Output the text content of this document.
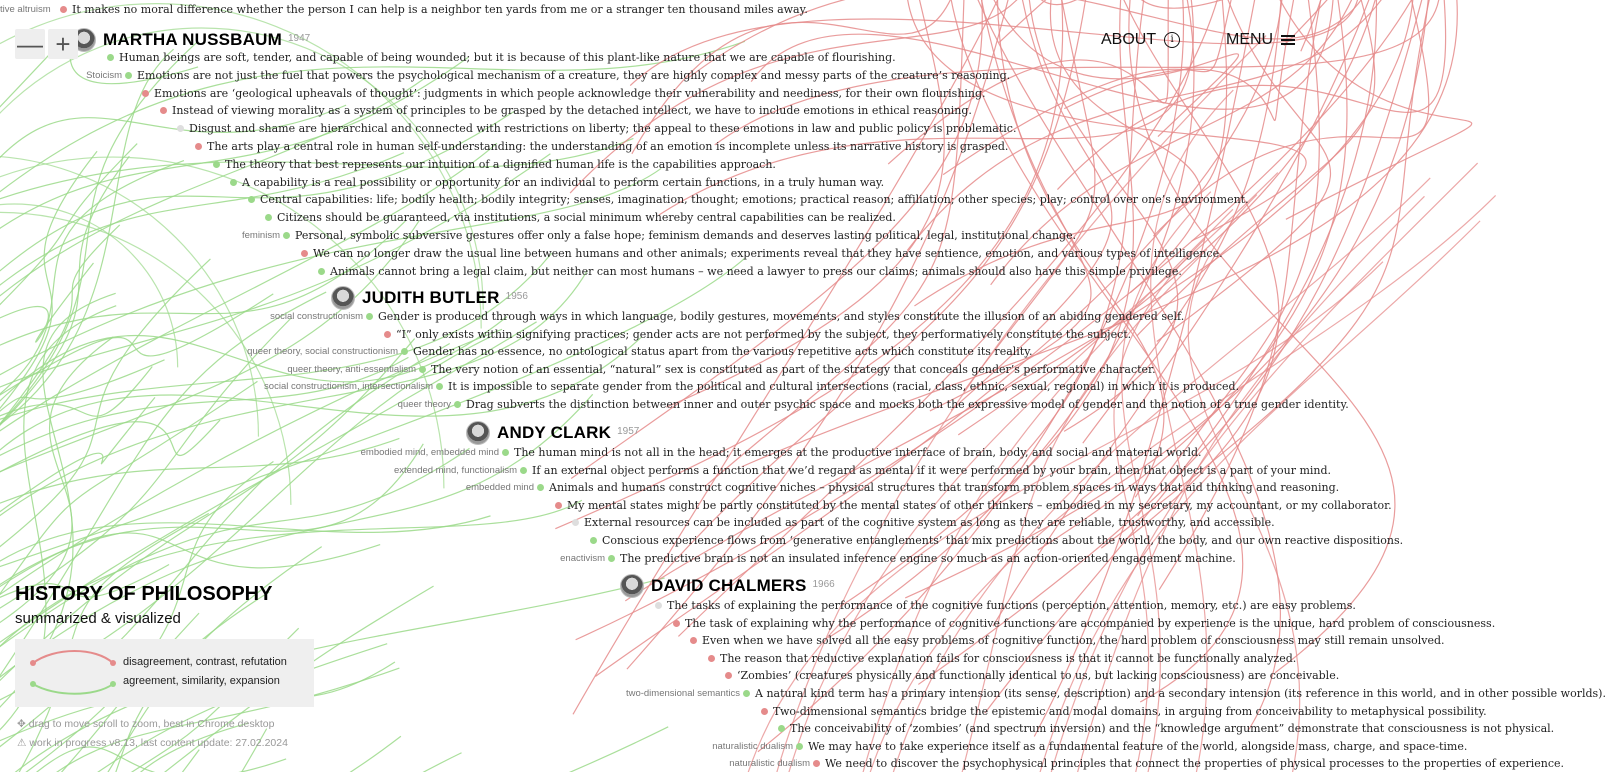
tive altruism It makes no moral difference whether the person I can help is a neighbor ten yards from me or a stranger ten thousand miles away.
MARTHA NUSSBAUM 1947
Human beings are soft, tender, and capable of being wounded; but it is because of this plant-like nature that we are capable of flourishing.
Stoicism Emotions are not just the fuel that powers the psychological mechanism of a creature, they are highly complex and messy parts of the creature’s reasoning.
Emotions are ‘geological upheavals of thought’: judgments in which people acknowledge their vulnerability and neediness, for their own flourishing.
Instead of viewing morality as a system of principles to be grasped by the detached intellect, we have to include emotions in ethical reasoning.
Disgust and shame are hierarchical and connected with restrictions on liberty; the appeal to these emotions in law and public policy is problematic.
The arts play a central role in human self-understanding: the understanding of an emotion is incomplete unless its narrative history is grasped.
The theory that best represents our intuition of a dignified human life is the capabilities approach.
A capability is a real possibility or opportunity for an individual to perform certain functions, in a truly human way.
Central capabilities: life; bodily health; bodily integrity; senses, imagination, thought; emotions; practical reason; affiliation; other species; play; control over one’s environment.
Citizens should be guaranteed, via institutions, a social minimum whereby central capabilities can be realized.
feminism Personal, symbolic subversive gestures offer only a false hope; feminism demands and deserves lasting political, legal, institutional change.
We can no longer draw the usual line between humans and other animals; experiments reveal that they have sentience, emotion, and various types of intelligence.
Animals cannot bring a legal claim, but neither can most humans – we need a lawyer to press our claims; animals should also have this simple privilege.
JUDITH BUTLER 1956
social constructionism Gender is produced through ways in which language, bodily gestures, movements, and styles constitute the illusion of an abiding gendered self.
“I” only exists within signifying practices; gender acts are not performed by the subject, they performatively constitute the subject.
queer theory, social constructionism Gender has no essence, no ontological status apart from the various repetitive acts which constitute its reality.
queer theory, anti-essentialism The very notion of an essential, “natural” sex is constituted as part of the strategy that conceals gender’s performative character.
social constructionism, intersectionalism It is impossible to separate gender from the political and cultural intersections (racial, class, ethnic, sexual, regional) in which it is produced.
queer theory Drag subverts the distinction between inner and outer psychic space and mocks both the expressive model of gender and the notion of a true gender identity.
ANDY CLARK 1957
embodied mind, embedded mind The human mind is not all in the head; it emerges at the productive interface of brain, body, and social and material world.
extended mind, functionalism If an external object performs a function that we’d regard as mental if it were performed by your brain, then that object is a part of your mind.
embedded mind Animals and humans construct cognitive niches – physical structures that transform problem spaces in ways that aid thinking and reasoning.
My mental states might be partly constituted by the mental states of other thinkers – embodied in my secretary, my accountant, or my collaborator.
External resources can be included as part of the cognitive system as long as they are reliable, trustworthy, and accessible.
Conscious experience flows from ‘generative entanglements’ that mix predictions about the world, the body, and our own reactive dispositions.
enactivism The predictive brain is not an insulated inference engine so much as an action-oriented engagement machine.
DAVID CHALMERS 1966
The tasks of explaining the performance of the cognitive functions (perception, attention, memory, etc.) are easy problems.
The task of explaining why the performance of cognitive functions are accompanied by experience is the unique, hard problem of consciousness.
Even when we have solved all the easy problems of cognitive function, the hard problem of consciousness may still remain unsolved.
The reason that reductive explanation fails for consciousness is that it cannot be functionally analyzed.
‘Zombies’ (creatures physically and functionally identical to us, but lacking consciousness) are conceivable.
two-dimensional semantics A natural kind term has a primary intension (its sense, description) and a secondary intension (its reference in this world, and in other possible worlds).
Two-dimensional semantics bridge the epistemic and modal domains, in arguing from conceivability to metaphysical possibility.
The conceivability of ‘zombies’ (and spectrum inversion) and the “knowledge argument” demonstrate that consciousness is not physical.
naturalistic dualism We may have to take experience itself as a fundamental feature of the world, alongside mass, charge, and space-time.
naturalistic dualism We need to discover the psychophysical principles that connect the properties of physical processes to the properties of experience.
— +	ABOUT	i	MENU
HISTORY OF PHILOSOPHY
summarized & visualized
disagreement, contrast, refutation
agreement, similarity, expansion
✥ drag to move scroll to zoom, best in Chrome desktop
⚠ work in progress v8.13, last content update: 27.02.2024
